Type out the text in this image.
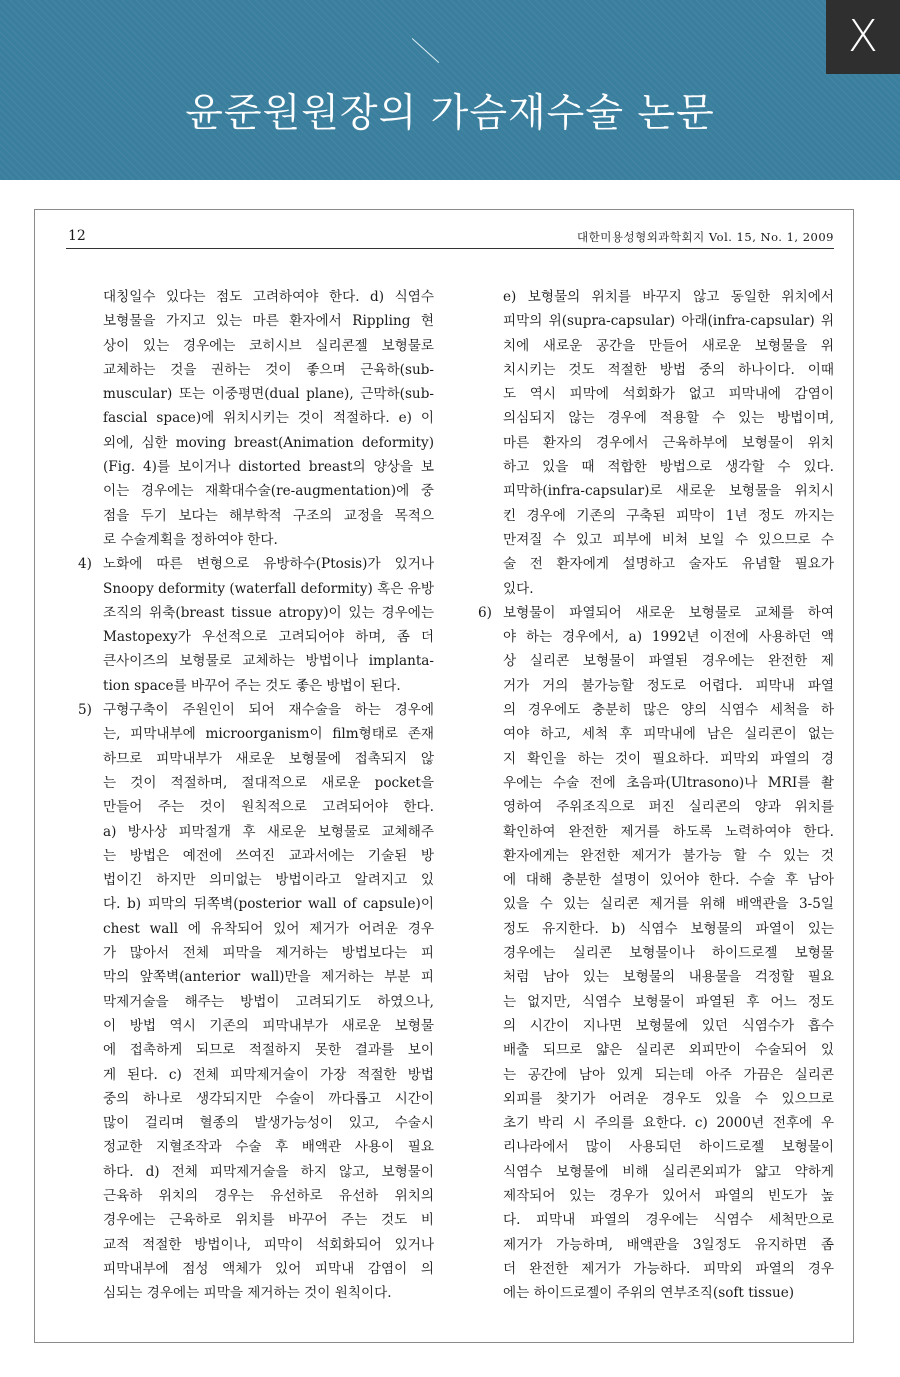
윤준원원장의 가슴재수술 논문
X
12	대한미용성형외과학회지 Vol. 15, No. 1, 2009
대칭일수 있다는 점도 고려하여야 한다. d) 식염수
보형물을 가지고 있는 마른 환자에서 Rippling 현
상이 있는 경우에는 코히시브 실리콘젤 보형물로
교체하는 것을 권하는 것이 좋으며 근육하(sub-
muscular) 또는 이중평면(dual plane), 근막하(sub-
fascial space)에 위치시키는 것이 적절하다. e) 이
외에, 심한 moving breast(Animation deformity)
(Fig. 4)를 보이거나 distorted breast의 양상을 보
이는 경우에는 재확대수술(re-augmentation)에 중
점을 두기 보다는 해부학적 구조의 교정을 목적으
로 수술계획을 정하여야 한다.
4) 노화에 따른 변형으로 유방하수(Ptosis)가 있거나
Snoopy deformity (waterfall deformity) 혹은 유방
조직의 위축(breast tissue atropy)이 있는 경우에는
Mastopexy가 우선적으로 고려되어야 하며, 좀 더
큰사이즈의 보형물로 교체하는 방법이나 implanta-
tion space를 바꾸어 주는 것도 좋은 방법이 된다.
5) 구형구축이 주원인이 되어 재수술을 하는 경우에
는, 피막내부에 microorganism이 film형태로 존재
하므로 피막내부가 새로운 보형물에 접촉되지 않
는 것이 적절하며, 절대적으로 새로운 pocket을
만들어 주는 것이 원칙적으로 고려되어야 한다.
a) 방사상 피막절개 후 새로운 보형물로 교체해주
는 방법은 예전에 쓰여진 교과서에는 기술된 방
법이긴 하지만 의미없는 방법이라고 알려지고 있
다. b) 피막의 뒤쪽벽(posterior wall of capsule)이
chest wall 에 유착되어 있어 제거가 어려운 경우
가 많아서 전체 피막을 제거하는 방법보다는 피
막의 앞쪽벽(anterior wall)만을 제거하는 부분 피
막제거술을 해주는 방법이 고려되기도 하였으나,
이 방법 역시 기존의 피막내부가 새로운 보형물
에 접촉하게 되므로 적절하지 못한 결과를 보이
게 된다. c) 전체 피막제거술이 가장 적절한 방법
중의 하나로 생각되지만 수술이 까다롭고 시간이
많이 걸리며 혈종의 발생가능성이 있고, 수술시
정교한 지혈조작과 수술 후 배액관 사용이 필요
하다. d) 전체 피막제거술을 하지 않고, 보형물이
근육하 위치의 경우는 유선하로 유선하 위치의
경우에는 근육하로 위치를 바꾸어 주는 것도 비
교적 적절한 방법이나, 피막이 석회화되어 있거나
피막내부에 점성 액체가 있어 피막내 감염이 의
심되는 경우에는 피막을 제거하는 것이 원칙이다.
e) 보형물의 위치를 바꾸지 않고 동일한 위치에서
피막의 위(supra-capsular) 아래(infra-capsular) 위
치에 새로운 공간을 만들어 새로운 보형물을 위
치시키는 것도 적절한 방법 중의 하나이다. 이때
도 역시 피막에 석회화가 없고 피막내에 감염이
의심되지 않는 경우에 적용할 수 있는 방법이며,
마른 환자의 경우에서 근육하부에 보형물이 위치
하고 있을 때 적합한 방법으로 생각할 수 있다.
피막하(infra-capsular)로 새로운 보형물을 위치시
킨 경우에 기존의 구축된 피막이 1년 정도 까지는
만져질 수 있고 피부에 비쳐 보일 수 있으므로 수
술 전 환자에게 설명하고 술자도 유념할 필요가
있다.
6) 보형물이 파열되어 새로운 보형물로 교체를 하여
야 하는 경우에서, a) 1992년 이전에 사용하던 액
상 실리콘 보형물이 파열된 경우에는 완전한 제
거가 거의 불가능할 정도로 어렵다. 피막내 파열
의 경우에도 충분히 많은 양의 식염수 세척을 하
여야 하고, 세척 후 피막내에 남은 실리콘이 없는
지 확인을 하는 것이 필요하다. 피막외 파열의 경
우에는 수술 전에 초음파(Ultrasono)나 MRI를 촬
영하여 주위조직으로 퍼진 실리콘의 양과 위치를
확인하여 완전한 제거를 하도록 노력하여야 한다.
환자에게는 완전한 제거가 불가능 할 수 있는 것
에 대해 충분한 설명이 있어야 한다. 수술 후 남아
있을 수 있는 실리콘 제거를 위해 배액관을 3-5일
정도 유지한다. b) 식염수 보형물의 파열이 있는
경우에는 실리콘 보형물이나 하이드로젤 보형물
처럼 남아 있는 보형물의 내용물을 걱정할 필요
는 없지만, 식염수 보형물이 파열된 후 어느 정도
의 시간이 지나면 보형물에 있던 식염수가 흡수
배출 되므로 얇은 실리콘 외피만이 수술되어 있
는 공간에 남아 있게 되는데 아주 가끔은 실리콘
외피를 찾기가 어려운 경우도 있을 수 있으므로
초기 박리 시 주의를 요한다. c) 2000년 전후에 우
리나라에서 많이 사용되던 하이드로젤 보형물이
식염수 보형물에 비해 실리콘외피가 얇고 약하게
제작되어 있는 경우가 있어서 파열의 빈도가 높
다. 피막내 파열의 경우에는 식염수 세척만으로
제거가 가능하며, 배액관을 3일정도 유지하면 좀
더 완전한 제거가 가능하다. 피막외 파열의 경우
에는 하이드로젤이 주위의 연부조직(soft tissue)
